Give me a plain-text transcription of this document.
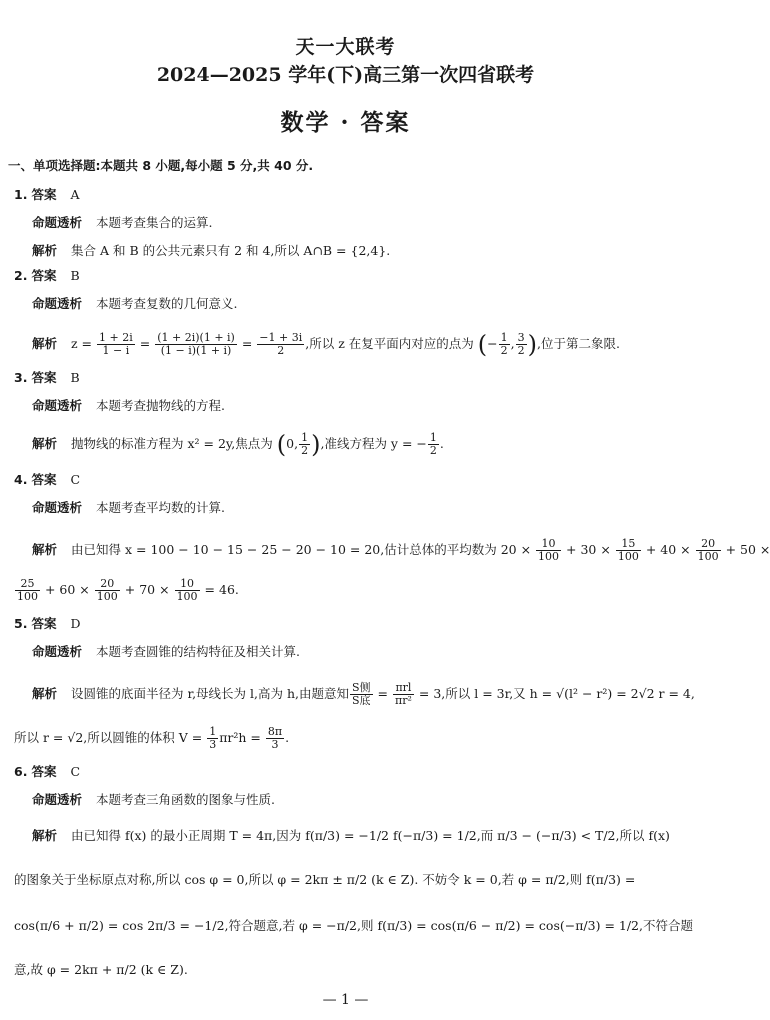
天一大联考
2024—2025 学年(下)高三第一次四省联考
数学 · 答案
一、单项选择题:本题共 8 小题,每小题 5 分,共 40 分.
1. 答案 A
命题透析 本题考查集合的运算.
解析 集合 A 和 B 的公共元素只有 2 和 4,所以 A∩B = {2,4}.
2. 答案 B
命题透析 本题考查复数的几何意义.
解析 $z = \frac{1 + 2i}{1 - i} = \frac{(1 + 2i)(1 + i)}{(1 - i)(1 + i)} = \frac{-1 + 3i}{2}$ ,所以 z 在复平面内对应的点为 (− $\frac{1}{2}$ , $\frac{3}{2}$ ),位于第二象限.
3. 答案 B
命题透析 本题考查抛物线的方程.
解析 抛物线的标准方程为 x² = 2y,焦点为 (0, $\frac{1}{2}$ ),准线方程为 y = − $\frac{1}{2}$ .
4. 答案 C
命题透析 本题考查平均数的计算.
解析 由已知得 x = 100 − 10 − 15 − 25 − 20 − 10 = 20,估计总体的平均数为 $20 \times \frac{10}{100} + 30 \times \frac{15}{100} + 40 \times \frac{20}{100} + 50$ ×
$\frac{25}{100} + 60 \times \frac{20}{100} + 70 \times \frac{10}{100} = 46$.
5. 答案 D
命题透析 本题考查圆锥的结构特征及相关计算.
解析 设圆锥的底面半径为 r,母线长为 l,高为 h,由题意知 $\frac{\text{S侧}}{\text{S底}} = \frac{\text{πrl}}{\text{πr²}} = 3$,所以 l = 3r,又 h = √(l² − r²) = 2√2 r = 4,
所以 r = √2,所以圆锥的体积 $V = \frac{1}{3} \pi r^2h = \frac{8\pi}{3}$ .
6. 答案 C
命题透析 本题考查三角函数的图象与性质.
解析 由已知得 f(x) 的最小正周期 T = 4π,因为 f(π/3) = −1/2 f(−π/3) = 1/2,而 π/3 − (−π/3) < T/2,所以 f(x)
的图象关于坐标原点对称,所以 cos φ = 0,所以 φ = 2kπ ± π/2 (k ∈ Z). 不妨令 k = 0,若 φ = π/2,则 f(π/3) =
cos(π/6 + π/2) = cos 2π/3 = −1/2,符合题意,若 φ = −π/2,则 f(π/3) = cos(π/6 − π/2) = cos(−π/3) = 1/2,不符合题
意,故 φ = 2kπ + π/2 (k ∈ Z).
— 1 —
